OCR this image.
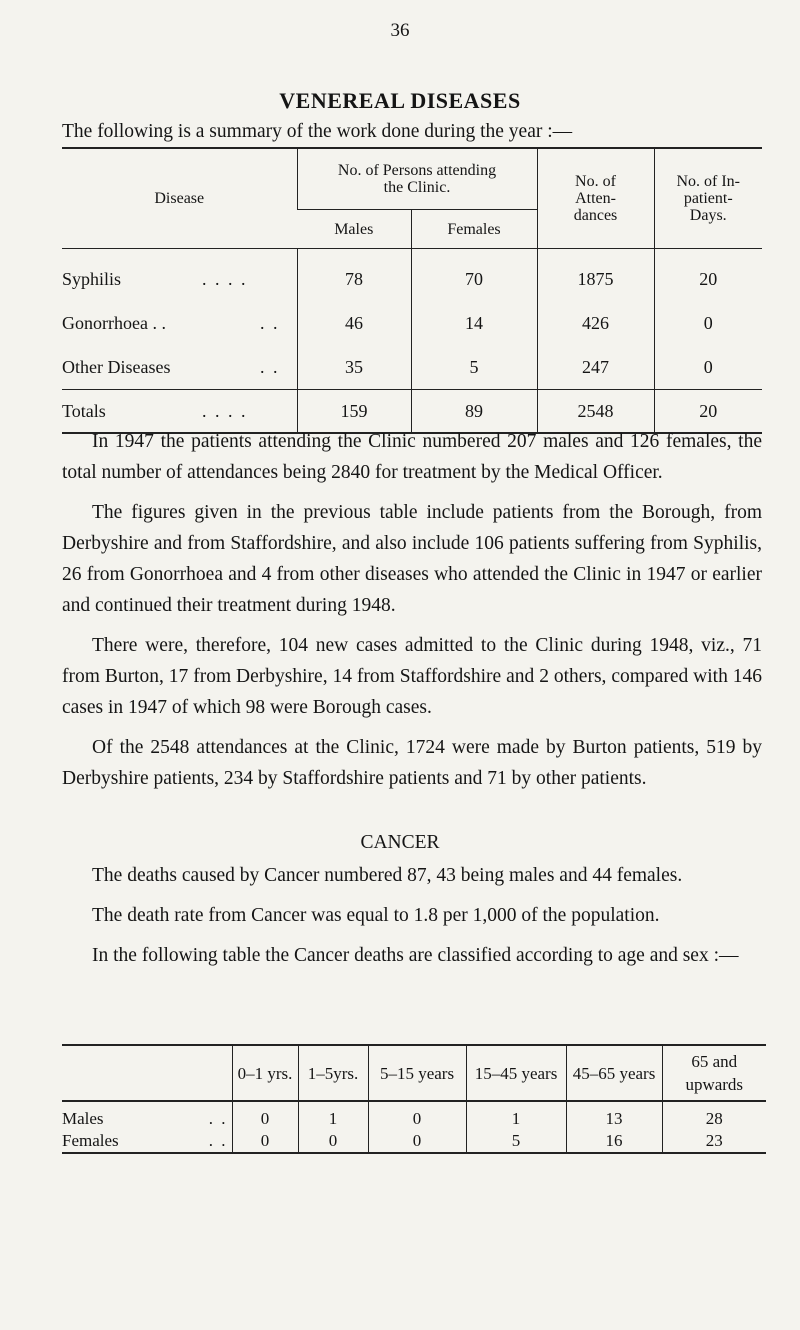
36
VENEREAL DISEASES
The following is a summary of the work done during the year :—
Disease	No. of Persons attending the Clinic.		No. of Atten- dances	No. of In-patient- Days.
	Males	Females		
Syphilis . . . .	78	70	1875	20
Gonorrhoea . . . .	46	14	426	0
Other Diseases . .	35	5	247	0
Totals . . . .	159	89	2548	20

In 1947 the patients attending the Clinic numbered 207 males and 126 females, the total number of attendances being 2840 for treatment by the Medical Officer.

The figures given in the previous table include patients from the Borough, from Derbyshire and from Staffordshire, and also include 106 patients suffering from Syphilis, 26 from Gonorrhoea and 4 from other diseases who attended the Clinic in 1947 or earlier and continued their treatment during 1948.

There were, therefore, 104 new cases admitted to the Clinic during 1948, viz., 71 from Burton, 17 from Derbyshire, 14 from Staffordshire and 2 others, compared with 146 cases in 1947 of which 98 were Borough cases.

Of the 2548 attendances at the Clinic, 1724 were made by Burton patients, 519 by Derbyshire patients, 234 by Staffordshire patients and 71 by other patients.

CANCER

The deaths caused by Cancer numbered 87, 43 being males and 44 females.

The death rate from Cancer was equal to 1.8 per 1,000 of the population.

In the following table the Cancer deaths are classified according to age and sex :—

	0–1 yrs.	1–5yrs.	5–15 years	15–45 years	45–65 years	65 and upwards
Males . .	0	1	0	1	13	28
Females . .	0	0	0	5	16	23
